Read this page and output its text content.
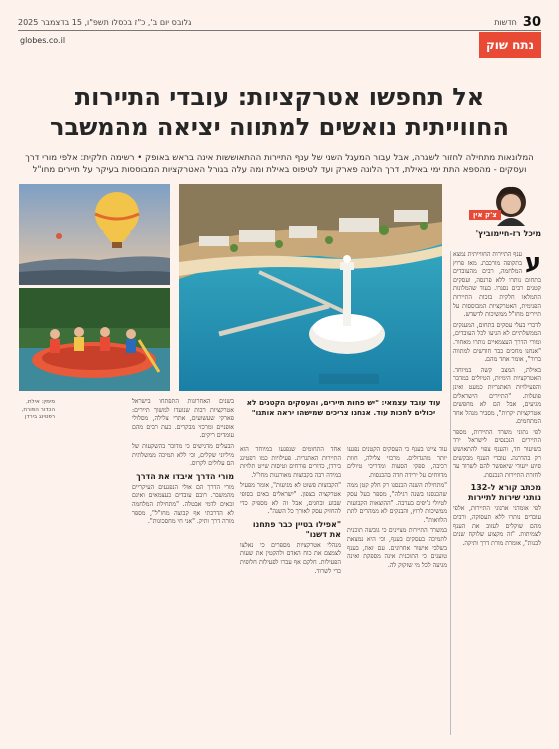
30
חדשות
גלובס יום ב', כ"ז בכסלו תשפ"ו, 15 בדצמבר 2025
globes.co.il	נתח שוק
אל תחפשו אטרקציות: עובדי התיירות החווייתית נואשים למתווה יציאה מהמשבר
המלונאות מתחילה לחזור לשגרה, אבל עבור המעגל השני של ענף התיירות ההתאוששות אינה בראש באופק • רשימה חלקית: אלפי מורי דרך ועסקים - מהספא התת ימי באילת, דרך הלונה פארק ועד לטיפוס באילת ומה עלה בגורל האטרקציות המבוססות בעיקר על תיירים מחו"ל
צ'ק אין
מיכל רז-חיימוביץ'
עוד עובד עצמאי: "יש פחות תיירים, והעסקים הקטנים לא יכולים לחכות עוד. אנחנו צריכים שמישהו יראה אותנו"

ע
ענף התיירות החווייתית נמצא בתקופה מורכבת. מאז פרוץ המלחמה, רבים מהעובדים בתחום נותרו ללא פרנסה, ועסקים קטנים רבים נסגרו. בעוד שהמלונות התמלאו חלקית בזכות התיירות הפנימית, האטרקציות המבוססות על תיירים מחו"ל ממשיכות לדשדש.

לדברי בעלי עסקים בתחום, המענקים הממשלתיים לא הגיעו לכל העובדים, ומורי הדרך העצמאיים נותרו מאחור. "אנחנו מחכים כבר חודשים למתווה ברור", אומר אחד מהם.

באילת, המצב קשה במיוחד. האטרקציות הימיות, הטיולים במדבר והפעילויות האתגריות כמעט ואינן פועלות. "התיירים הישראלים מגיעים, אבל הם לא מחפשים אטרקציות יקרות", מסביר מנהל אחד המתחמים.

לפי נתוני משרד התיירות, מספר התיירים הנכנסים לישראל ירד בשיעור חד, והענף צפוי להתאושש רק בהדרגה. עובדי הענף מבקשים סיוע ייעודי שיאפשר להם לשרוד עד לחזרת התיירות הנכנסת.

מכתב קורא ל-132 נותני שירות לתיירות

לפי אומדני ארגוני התיירות, אלפי עובדים נותרו ללא תעסוקה, ורבים מהם שוקלים לעזוב את הענף לצמיתות. "זה מקצוע שלוקח שנים לבנות", אומרת מורת דרך ותיקה.

עוד ציינו בענף כי העסקים הקטנים נפגעו יותר מהגדולים. מרכזי צלילה, חוות רכיבה, ספקי הסעות ומדריכי טיולים מדווחים על ירידה חדה בהכנסות.

"מתחילת השנה הכנסנו רק חלק קטן ממה שהכנסנו בשנה רגילה", מספר בעל עסק לטיולי ג'יפים בערבה. "ההוצאות הקבועות ממשיכות לרוץ, והבנקים לא ממהרים לתת הלוואות".

במשרד התיירות מציינים כי גובשה תוכנית לתמיכה בעסקים בענף, וכי היא נמצאת בשלבי אישור אחרונים. עם זאת, בענף טוענים כי התוכנית אינה מספקת ואינה מגיעה לכל מי שזקוק לה.

אחד התחומים שנפגעו במיוחד הוא התיירות האתגרית. פעילויות כמו רפטינג בירדן, כדורים פורחים וטיסות שייט תלויות במידה רבה בקבוצות מאורגנות מחו"ל.

"הקבוצות פשוט לא מגיעות", אומר מפעיל אטרקציה בצפון. "ישראלים באים בסופי שבוע ובחגים, אבל זה לא מספיק כדי להחזיק עסק לאורך כל השנה".

"אפילו בטיין כבר פתחנו את דשנו"

מנהלי אטרקציות מספרים כי נאלצו לצמצם את כוח האדם ולהקטין את שעות הפעילות. חלקם אף עברו לפעילות חלופית כדי לשרוד.

בשנים האחרונות התפתחו בישראל אטרקציות רבות שנועדו למשוך תיירים: פארקי שעשועים, אתרי צלילה, מסלולי אופניים ומרכזי מבקרים. כעת רבים מהם עומדים ריקים.

הבעלים מדגישים כי מדובר בהשקעות של מיליוני שקלים, וכי ללא תמיכה ממשלתית הם עלולים לקרוס.

מורי הדרך איבדו את הדרך

מורי הדרך הם אולי הנפגעים העיקריים מהמשבר. רובם עובדים כעצמאים ואינם זכאים לדמי אבטלה. "מתחילת המלחמה לא הדרכתי אף קבוצה מחו"ל", מספר מורה דרך ותיק. "אני חי מחסכונות".

מימין: אילת, הכדור הפורח, רפטינג בירדן
